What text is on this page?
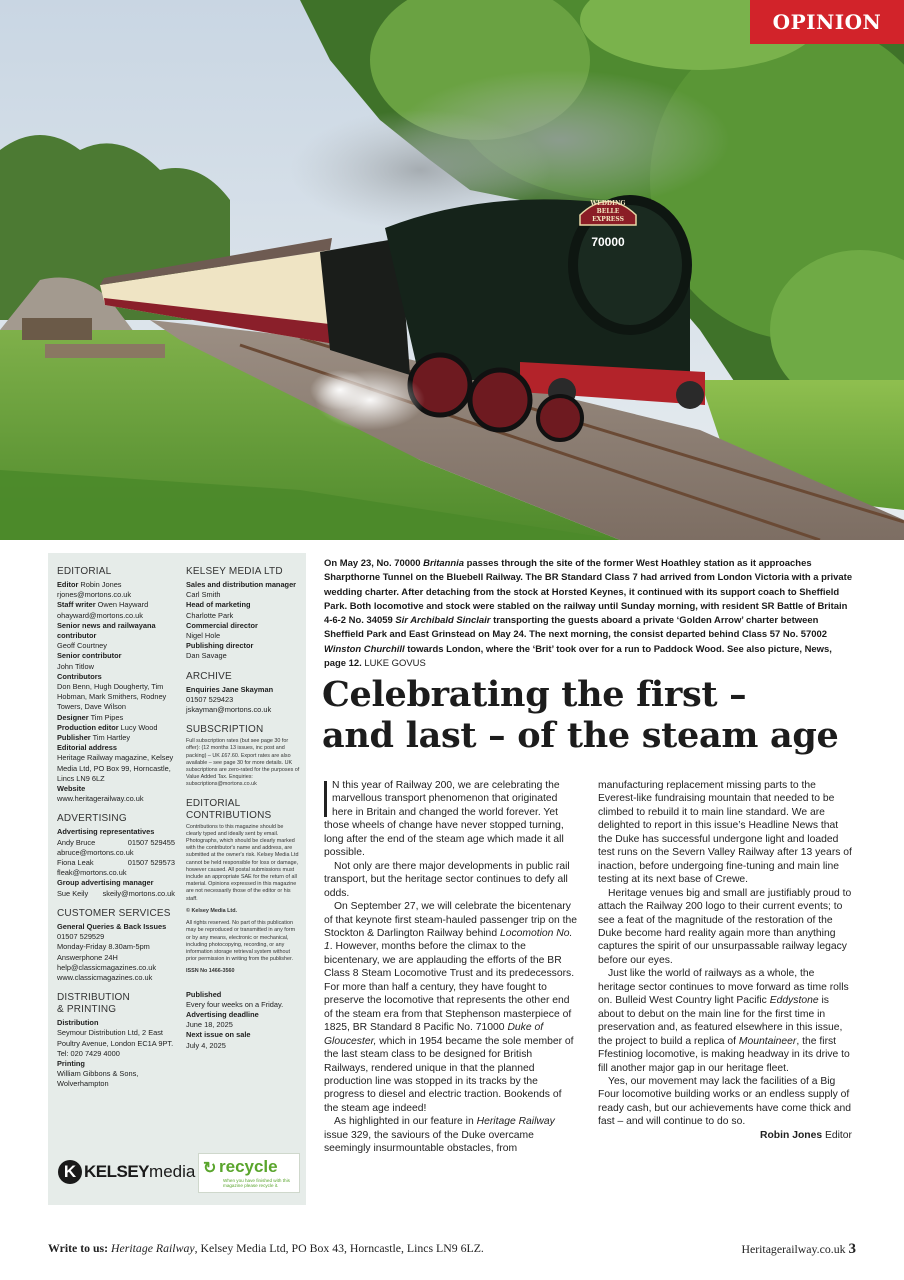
WEDDING
BELLE
EXPRESS
70000
OPINION
EDITORIAL
Editor Robin Jones
rjones@mortons.co.uk
Staff writer Owen Hayward
ohayward@mortons.co.uk
Senior news and railwayana contributor
Geoff Courtney
Senior contributor
John Titlow
Contributors
Don Benn, Hugh Dougherty, Tim Hobman, Mark Smithers, Rodney Towers, Dave Wilson
Designer Tim Pipes
Production editor Lucy Wood
Publisher Tim Hartley
Editorial address
Heritage Railway magazine, Kelsey Media Ltd, PO Box 99, Horncastle, Lincs LN9 6LZ
Website
www.heritagerailway.co.uk
ADVERTISING
Advertising representatives
Andy Bruce	01507 529455
abruce@mortons.co.uk
Fiona Leak	01507 529573
fleak@mortons.co.uk
Group advertising manager
Sue Keily skeily@mortons.co.uk
CUSTOMER SERVICES
General Queries & Back Issues
01507 529529
Monday-Friday 8.30am-5pm
Answerphone 24H
help@classicmagazines.co.uk
www.classicmagazines.co.uk
DISTRIBUTION
& PRINTING
Distribution
Seymour Distribution Ltd, 2 East Poultry Avenue, London EC1A 9PT. Tel: 020 7429 4000
Printing
William Gibbons & Sons, Wolverhampton
KELSEY MEDIA LTD
Sales and distribution manager
Carl Smith
Head of marketing
Charlotte Park
Commercial director
Nigel Hole
Publishing director
Dan Savage
ARCHIVE
Enquiries Jane Skayman
01507 529423
jskayman@mortons.co.uk
SUBSCRIPTION
Full subscription rates (but see page 30 for offer): (12 months 13 issues, inc post and packing) – UK £67.60. Export rates are also available – see page 30 for more details. UK subscriptions are zero-rated for the purposes of Value Added Tax. Enquiries: subscriptions@mortons.co.uk
EDITORIAL CONTRIBUTIONS
Contributions to this magazine should be clearly typed and ideally sent by email. Photographs, which should be clearly marked with the contributor's name and address, are submitted at the owner's risk. Kelsey Media Ltd cannot be held responsible for loss or damage, however caused. All postal submissions must include an appropriate SAE for the return of all material. Opinions expressed in this magazine are not necessarily those of the editor or his staff.
© Kelsey Media Ltd.
All rights reserved. No part of this publication may be reproduced or transmitted in any form or by any means, electronic or mechanical, including photocopying, recording, or any information storage retrieval system without prior permission in writing from the publisher.
ISSN No 1466-3560
Published
Every four weeks on a Friday.
Advertising deadline
June 18, 2025
Next issue on sale
July 4, 2025
K KELSEY media ↻ recycle
When you have finished with this magazine please recycle it.
On May 23, No. 70000 Britannia passes through the site of the former West Hoathley station as it approaches Sharpthorne Tunnel on the Bluebell Railway. The BR Standard Class 7 had arrived from London Victoria with a private wedding charter. After detaching from the stock at Horsted Keynes, it continued with its support coach to Sheffield Park. Both locomotive and stock were stabled on the railway until Sunday morning, with resident SR Battle of Britain 4-6-2 No. 34059 Sir Archibald Sinclair transporting the guests aboard a private ‘Golden Arrow’ charter between Sheffield Park and East Grinstead on May 24. The next morning, the consist departed behind Class 57 No. 57002 Winston Churchill towards London, where the ‘Brit’ took over for a run to Paddock Wood. See also picture, News, page 12. LUKE GOVUS
Celebrating the first –
and last – of the steam age

N this year of Railway 200, we are celebrating the marvellous transport phenomenon that originated here in Britain and changed the world forever. Yet those wheels of change have never stopped turning, long after the end of the steam age which made it all possible.

Not only are there major developments in public rail transport, but the heritage sector continues to defy all odds.

On September 27, we will celebrate the bicentenary of that keynote first steam-hauled passenger trip on the Stockton & Darlington Railway behind Locomotion No. 1. However, months before the climax to the bicentenary, we are applauding the efforts of the BR Class 8 Steam Locomotive Trust and its predecessors. For more than half a century, they have fought to preserve the locomotive that represents the other end of the steam era from that Stephenson masterpiece of 1825, BR Standard 8 Pacific No. 71000 Duke of Gloucester, which in 1954 became the sole member of the last steam class to be designed for British Railways, rendered unique in that the planned production line was stopped in its tracks by the progress to diesel and electric traction. Bookends of the steam age indeed!

As highlighted in our feature in Heritage Railway issue 329, the saviours of the Duke overcame seemingly insurmountable obstacles, from

manufacturing replacement missing parts to the Everest-like fundraising mountain that needed to be climbed to rebuild it to main line standard. We are delighted to report in this issue’s Headline News that the Duke has successful undergone light and loaded test runs on the Severn Valley Railway after 13 years of inaction, before undergoing fine-tuning and main line testing at its next base of Crewe.

Heritage venues big and small are justifiably proud to attach the Railway 200 logo to their current events; to see a feat of the magnitude of the restoration of the Duke become hard reality again more than anything captures the spirit of our unsurpassable railway legacy before our eyes.

Just like the world of railways as a whole, the heritage sector continues to move forward as time rolls on. Bulleid West Country light Pacific Eddystone is about to debut on the main line for the first time in preservation and, as featured elsewhere in this issue, the project to build a replica of Mountaineer, the first Ffestiniog locomotive, is making headway in its drive to fill another major gap in our heritage fleet.

Yes, our movement may lack the facilities of a Big Four locomotive building works or an endless supply of ready cash, but our achievements have come thick and fast – and will continue to do so.

Robin Jones Editor
Write to us: Heritage Railway, Kelsey Media Ltd, PO Box 43, Horncastle, Lincs LN9 6LZ.	Heritagerailway.co.uk 3
